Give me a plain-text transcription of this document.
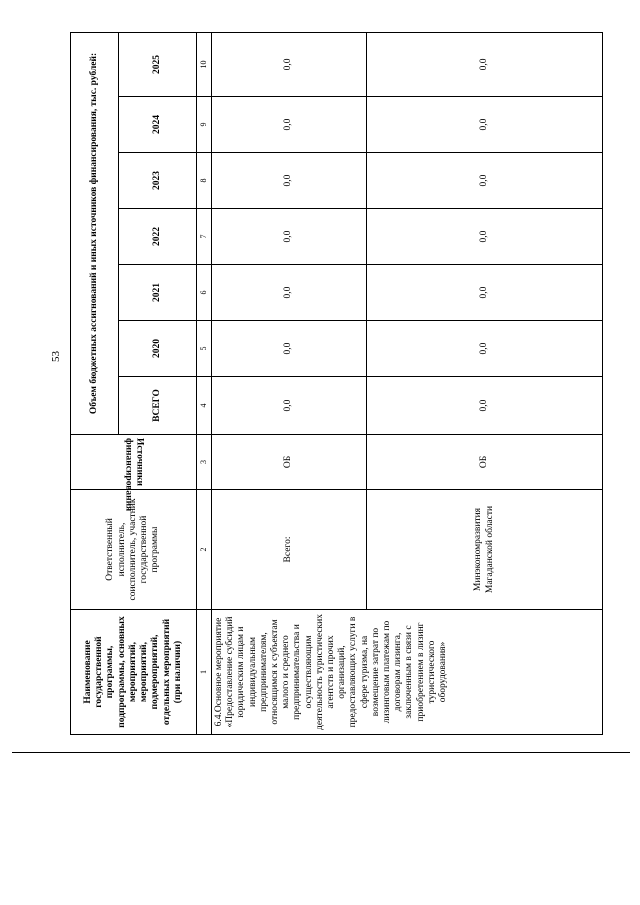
53
Наименование государственной программы, подпрограммы, основных мероприятий, мероприятий, подмероприятий, отдельных мероприятий (при наличии)	Ответственный исполнитель, соисполнитель, участник государственной программы	Источники финансирования	Объем бюджетных ассигнований и иных источников финансирования, тыс. рублей:						
			ВСЕГО	2020	2021	2022	2023	2024	2025
1	2	3	4	5	6	7	8	9	10
6.4.Основное мероприятие «Предоставление субсидий юридическим лицам и индивидуальным предпринимателям, относящимся к субъектам малого и среднего предпринимательства и осуществляющим деятельность туристических агентств и прочих организаций, предоставляющих услуги в сфере туризма, на возмещение затрат по лизинговым платежам по договорам лизинга, заключенным в связи с приобретением в лизинг туристического оборудования»	Всего:	ОБ	0,0	0,0	0,0	0,0	0,0	0,0	0,0
	Минэкономразвития Магаданской области	ОБ	0,0	0,0	0,0	0,0	0,0	0,0	0,0
